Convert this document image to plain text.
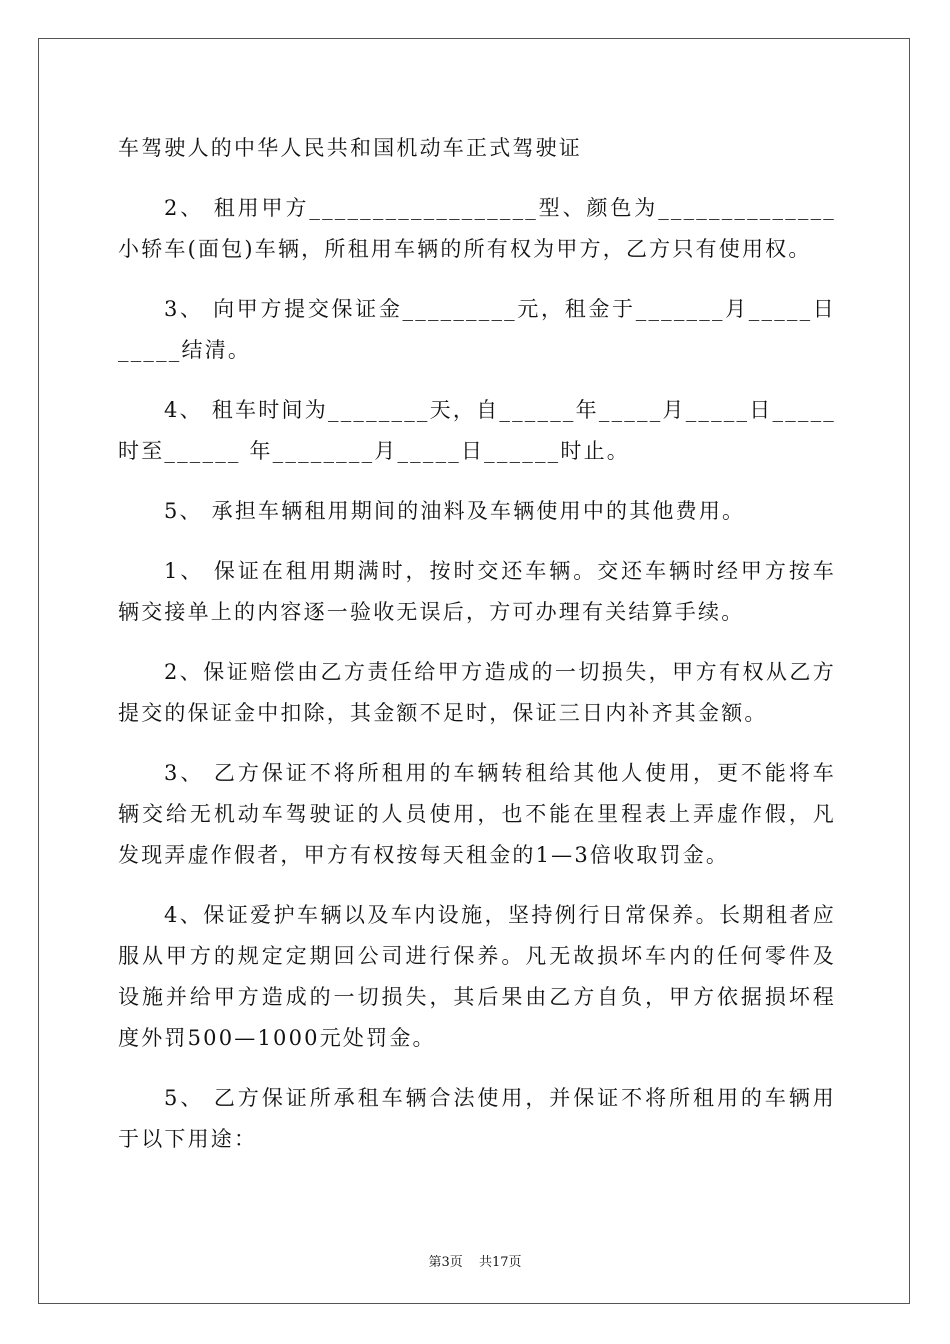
车驾驶人的中华人民共和国机动车正式驾驶证

2、 租用甲方__________________型、颜色为______________小轿车(面包)车辆，所租用车辆的所有权为甲方，乙方只有使用权。

3、 向甲方提交保证金_________元，租金于_______月_____日_____结清。

4、 租车时间为________天，自______年_____月_____日_____时至______ 年________月_____日______时止。

5、 承担车辆租用期间的油料及车辆使用中的其他费用。

1、 保证在租用期满时，按时交还车辆。交还车辆时经甲方按车辆交接单上的内容逐一验收无误后，方可办理有关结算手续。

2、保证赔偿由乙方责任给甲方造成的一切损失，甲方有权从乙方提交的保证金中扣除，其金额不足时，保证三日内补齐其金额。

3、 乙方保证不将所租用的车辆转租给其他人使用，更不能将车辆交给无机动车驾驶证的人员使用，也不能在里程表上弄虚作假，凡发现弄虚作假者，甲方有权按每天租金的1—3倍收取罚金。

4、保证爱护车辆以及车内设施，坚持例行日常保养。长期租者应服从甲方的规定定期回公司进行保养。凡无故损坏车内的任何零件及设施并给甲方造成的一切损失，其后果由乙方自负，甲方依据损坏程度外罚500—1000元处罚金。

5、 乙方保证所承租车辆合法使用，并保证不将所租用的车辆用于以下用途：

第3页 共17页
